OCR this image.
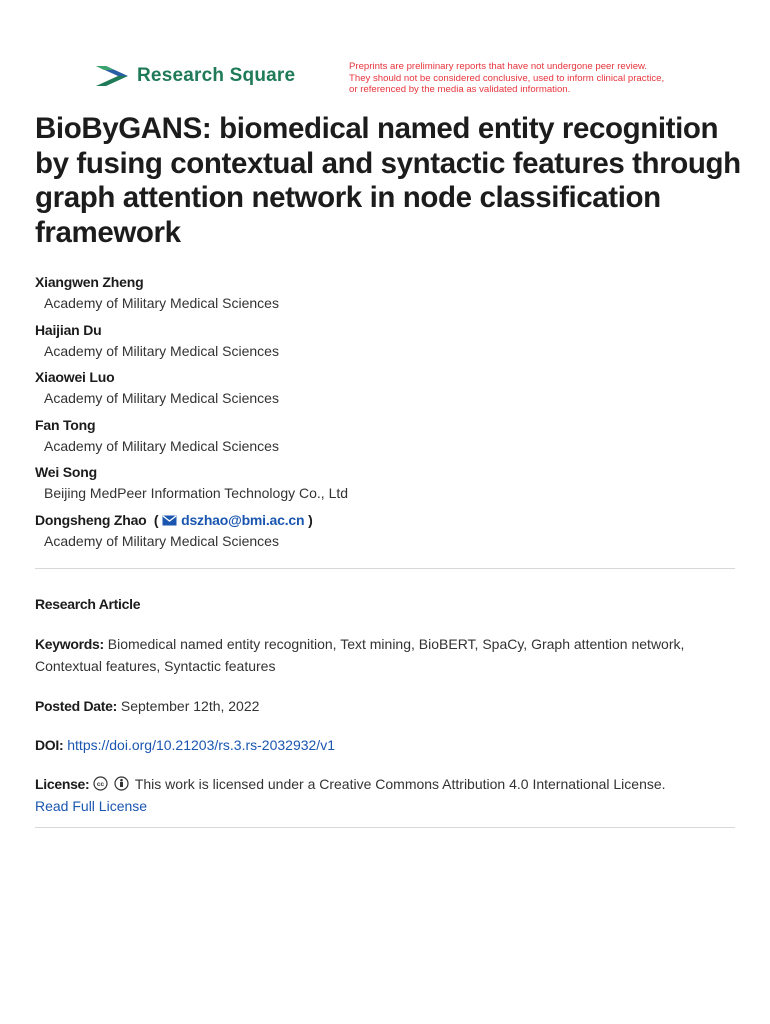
Research Square	Preprints are preliminary reports that have not undergone peer review.
They should not be considered conclusive, used to inform clinical practice,
or referenced by the media as validated information.
BioByGANS: biomedical named entity recognition by fusing contextual and syntactic features through graph attention network in node classification framework
Xiangwen Zheng
Academy of Military Medical Sciences
Haijian Du
Academy of Military Medical Sciences
Xiaowei Luo
Academy of Military Medical Sciences
Fan Tong
Academy of Military Medical Sciences
Wei Song
Beijing MedPeer Information Technology Co., Ltd
Dongsheng Zhao  ( dszhao@bmi.ac.cn )
Academy of Military Medical Sciences
Research Article
Keywords: Biomedical named entity recognition, Text mining, BioBERT, SpaCy, Graph attention network, Contextual features, Syntactic features
Posted Date: September 12th, 2022
DOI: https://doi.org/10.21203/rs.3.rs-2032932/v1
License: cc This work is licensed under a Creative Commons Attribution 4.0 International License.
Read Full License
